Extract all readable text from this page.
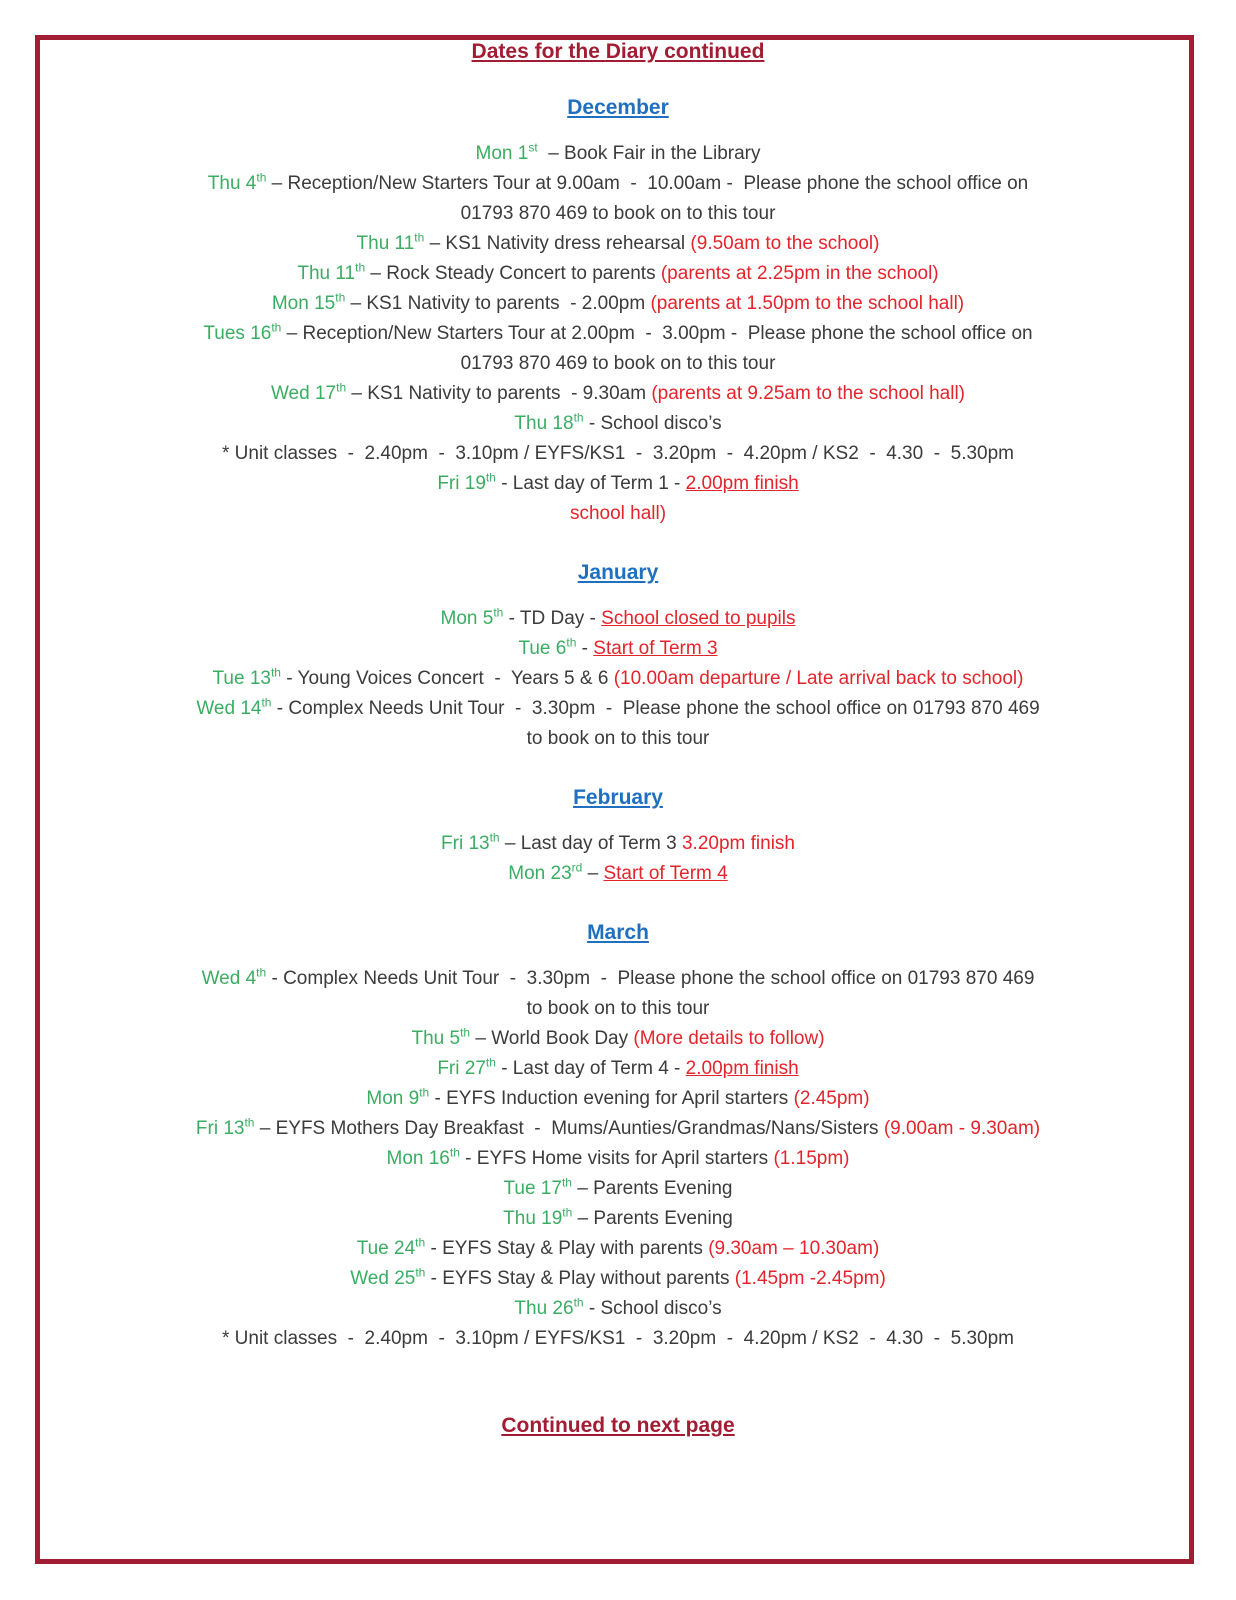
Dates for the Diary continued
December
Mon 1st  – Book Fair in the Library
Thu 4th – Reception/New Starters Tour at 9.00am  -  10.00am -  Please phone the school office on
01793 870 469 to book on to this tour
Thu 11th – KS1 Nativity dress rehearsal (9.50am to the school)
Thu 11th – Rock Steady Concert to parents (parents at 2.25pm in the school)
Mon 15th – KS1 Nativity to parents  - 2.00pm (parents at 1.50pm to the school hall)
Tues 16th – Reception/New Starters Tour at 2.00pm  -  3.00pm -  Please phone the school office on
01793 870 469 to book on to this tour
Wed 17th – KS1 Nativity to parents  - 9.30am (parents at 9.25am to the school hall)
Thu 18th - School disco’s
* Unit classes  -  2.40pm  -  3.10pm / EYFS/KS1  -  3.20pm  -  4.20pm / KS2  -  4.30  -  5.30pm
Fri 19th - Last day of Term 1 - 2.00pm finish
school hall)
January
Mon 5th - TD Day - School closed to pupils
Tue 6th - Start of Term 3
Tue 13th - Young Voices Concert  -  Years 5 & 6 (10.00am departure / Late arrival back to school)
Wed 14th - Complex Needs Unit Tour  -  3.30pm  -  Please phone the school office on 01793 870 469
to book on to this tour
February
Fri 13th – Last day of Term 3 3.20pm finish
Mon 23rd – Start of Term 4
March
Wed 4th - Complex Needs Unit Tour  -  3.30pm  -  Please phone the school office on 01793 870 469
to book on to this tour
Thu 5th – World Book Day (More details to follow)
Fri 27th - Last day of Term 4 - 2.00pm finish
Mon 9th - EYFS Induction evening for April starters (2.45pm)
Fri 13th – EYFS Mothers Day Breakfast  -  Mums/Aunties/Grandmas/Nans/Sisters (9.00am - 9.30am)
Mon 16th - EYFS Home visits for April starters (1.15pm)
Tue 17th – Parents Evening
Thu 19th – Parents Evening
Tue 24th - EYFS Stay & Play with parents (9.30am – 10.30am)
Wed 25th - EYFS Stay & Play without parents (1.45pm -2.45pm)
Thu 26th - School disco’s
* Unit classes  -  2.40pm  -  3.10pm / EYFS/KS1  -  3.20pm  -  4.20pm / KS2  -  4.30  -  5.30pm
Continued to next page
